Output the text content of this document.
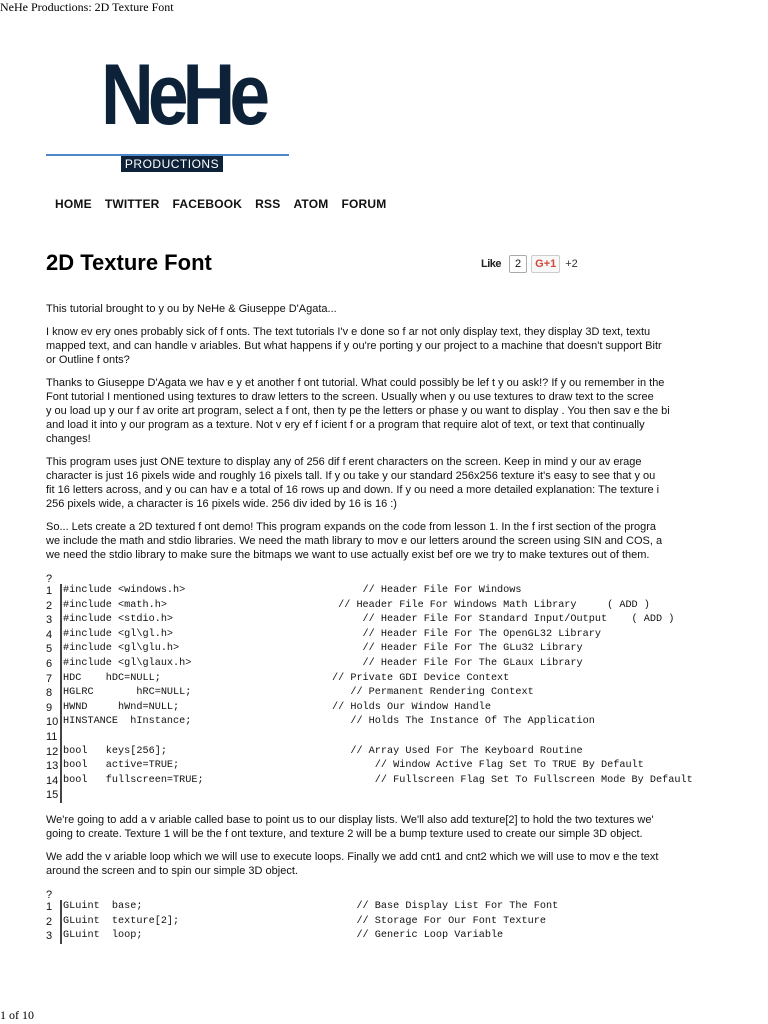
NeHe Productions: 2D Texture Font
NeHe
PRODUCTIONS
HOME TWITTER FACEBOOK RSS ATOM FORUM
2D Texture Font	Like	2	G+1 +2

This tutorial brought to y ou by NeHe & Giuseppe D'Agata...

I know ev ery ones probably sick of f onts. The text tutorials I'v e done so f ar not only display text, they display 3D text, textu
mapped text, and can handle v ariables. But what happens if y ou're porting y our project to a machine that doesn't support Bitr
or Outline f onts?

Thanks to Giuseppe D'Agata we hav e y et another f ont tutorial. What could possibly be lef t y ou ask!? If y ou remember in the
Font tutorial I mentioned using textures to draw letters to the screen. Usually when y ou use textures to draw text to the scree
y ou load up y our f av orite art program, select a f ont, then ty pe the letters or phase y ou want to display . You then sav e the bi
and load it into y our program as a texture. Not v ery ef f icient f or a program that require alot of text, or text that continually
changes!

This program uses just ONE texture to display any of 256 dif f erent characters on the screen. Keep in mind y our av erage
character is just 16 pixels wide and roughly 16 pixels tall. If y ou take y our standard 256x256 texture it's easy to see that y ou
fit 16 letters across, and y ou can hav e a total of 16 rows up and down. If y ou need a more detailed explanation: The texture i
256 pixels wide, a character is 16 pixels wide. 256 div ided by 16 is 16 :)

So... Lets create a 2D textured f ont demo! This program expands on the code from lesson 1. In the f irst section of the progra
we include the math and stdio libraries. We need the math library to mov e our letters around the screen using SIN and COS, a
we need the stdio library to make sure the bitmaps we want to use actually exist bef ore we try to make textures out of them.

?
1
2
3
4
5
6
7
8
9
10
11
12
13
14
15
#include <windows.h>                             // Header File For Windows
#include <math.h>                            // Header File For Windows Math Library     ( ADD )
#include <stdio.h>                               // Header File For Standard Input/Output    ( ADD )
#include <gl\gl.h>                               // Header File For The OpenGL32 Library
#include <gl\glu.h>                              // Header File For The GLu32 Library
#include <gl\glaux.h>                            // Header File For The GLaux Library
HDC    hDC=NULL;                            // Private GDI Device Context
HGLRC       hRC=NULL;                          // Permanent Rendering Context
HWND     hWnd=NULL;                         // Holds Our Window Handle
HINSTANCE  hInstance;                          // Holds The Instance Of The Application

bool   keys[256];                              // Array Used For The Keyboard Routine
bool   active=TRUE;                                // Window Active Flag Set To TRUE By Default
bool   fullscreen=TRUE;                            // Fullscreen Flag Set To Fullscreen Mode By Default

We're going to add a v ariable called base to point us to our display lists. We'll also add texture[2] to hold the two textures we'
going to create. Texture 1 will be the f ont texture, and texture 2 will be a bump texture used to create our simple 3D object.

We add the v ariable loop which we will use to execute loops. Finally we add cnt1 and cnt2 which we will use to mov e the text
around the screen and to spin our simple 3D object.

?
1
2
3
GLuint  base;                                   // Base Display List For The Font
GLuint  texture[2];                             // Storage For Our Font Texture
GLuint  loop;                                   // Generic Loop Variable
1 of 10
